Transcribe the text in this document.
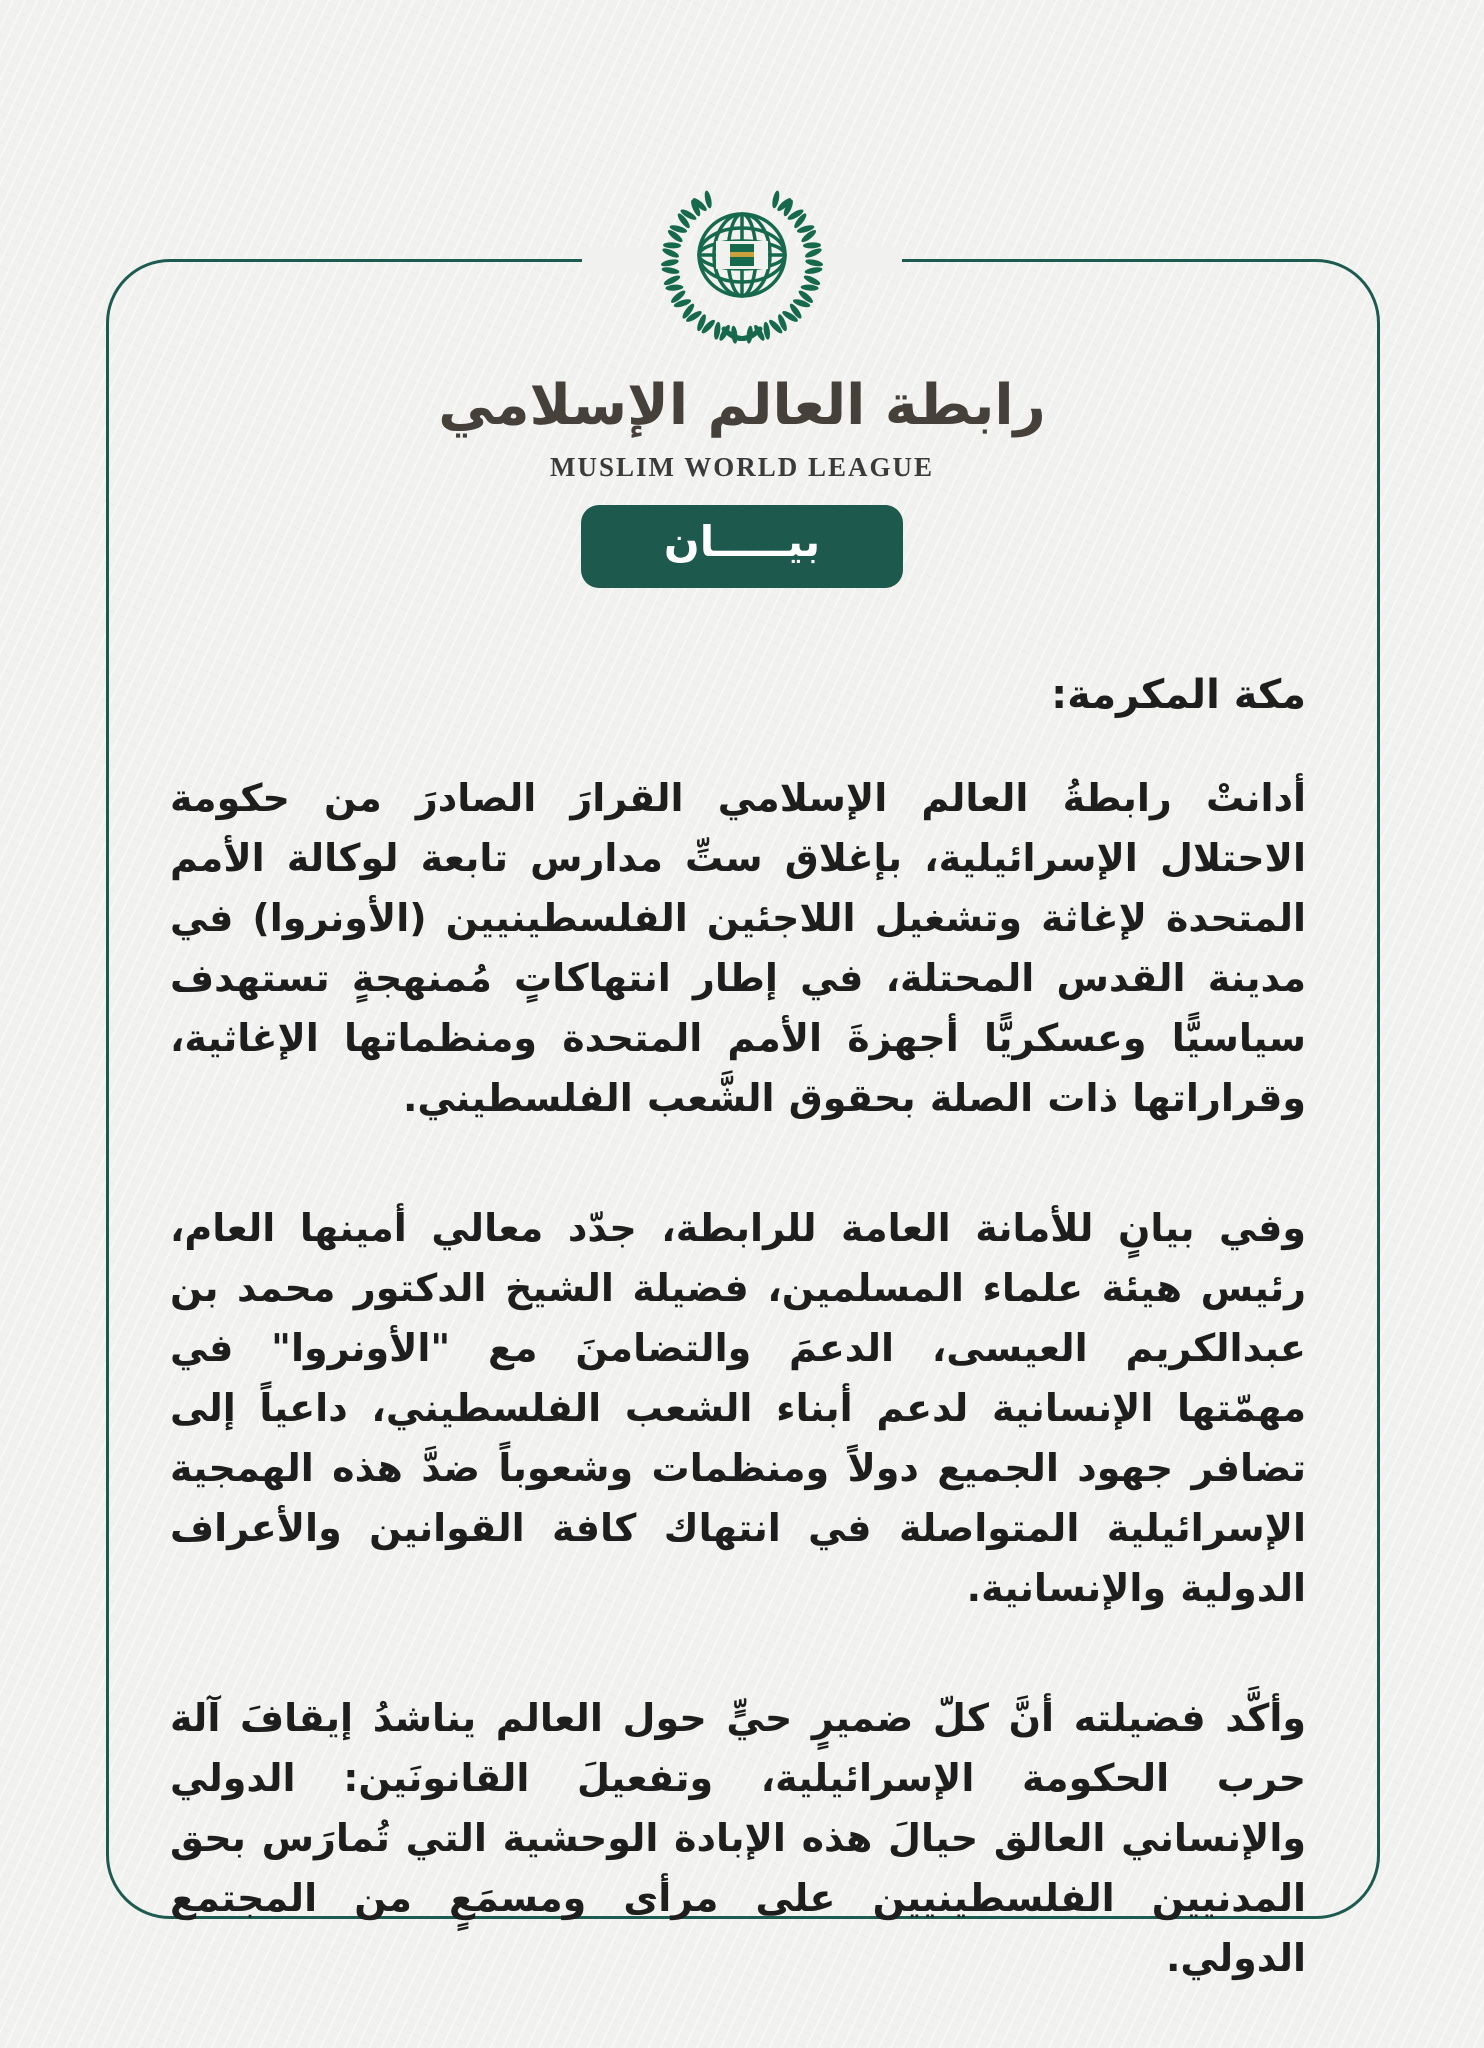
رابطة العالم الإسلامي
MUSLIM WORLD LEAGUE
بيـــــان
مكة المكرمة:

أدانتْ رابطةُ العالم الإسلامي القرارَ الصادرَ من حكومة الاحتلال الإسرائيلية، بإغلاق ستِّ مدارس تابعة لوكالة الأمم المتحدة لإغاثة وتشغيل اللاجئين الفلسطينيين (الأونروا) في مدينة القدس المحتلة، في إطار انتهاكاتٍ مُمنهجةٍ تستهدف سياسيًّا وعسكريًّا أجهزةَ الأمم المتحدة ومنظماتها الإغاثية، وقراراتها ذات الصلة بحقوق الشَّعب الفلسطيني.

وفي بيانٍ للأمانة العامة للرابطة، جدّد معالي أمينها العام، رئيس هيئة علماء المسلمين، فضيلة الشيخ الدكتور محمد بن عبدالكريم العيسى، الدعمَ والتضامنَ مع "الأونروا" في مهمّتها الإنسانية لدعم أبناء الشعب الفلسطيني، داعياً إلى تضافر جهود الجميع دولاً ومنظمات وشعوباً ضدَّ هذه الهمجية الإسرائيلية المتواصلة في انتهاك كافة القوانين والأعراف الدولية والإنسانية.

وأكَّد فضيلته أنَّ كلّ ضميرٍ حيٍّ حول العالم يناشدُ إيقافَ آلة حرب الحكومة الإسرائيلية، وتفعيلَ القانونَين: الدولي والإنساني العالق حيالَ هذه الإبادة الوحشية التي تُمارَس بحق المدنيين الفلسطينيين على مرأى ومسمَعٍ من المجتمع الدولي.
